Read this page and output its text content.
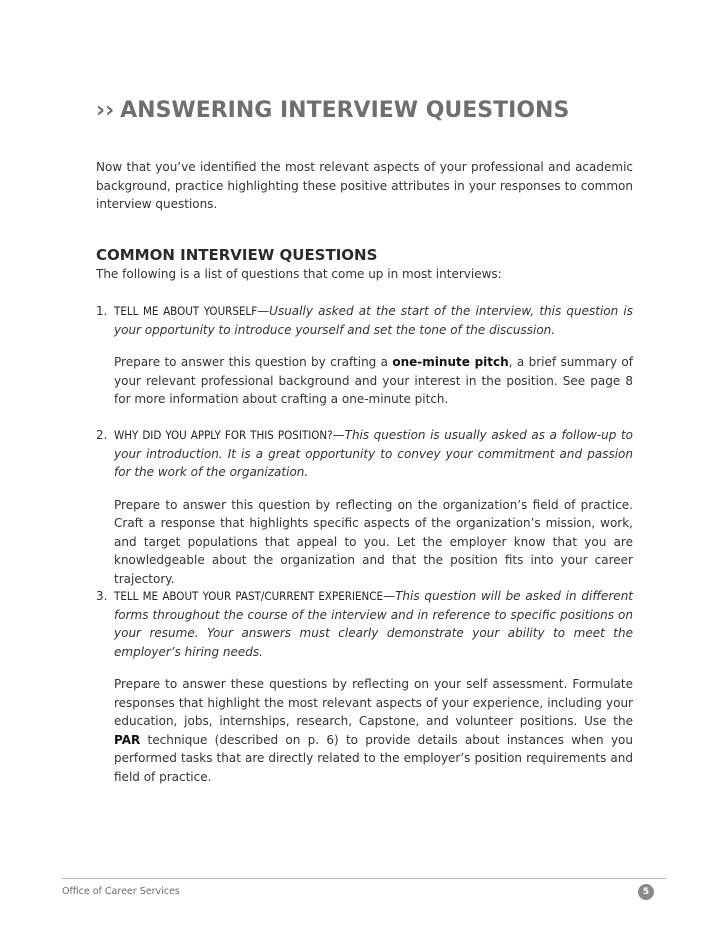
›› ANSWERING INTERVIEW QUESTIONS

Now that you’ve identified the most relevant aspects of your professional and academic background, practice highlighting these positive attributes in your responses to common interview questions.

COMMON INTERVIEW QUESTIONS

The following is a list of questions that come up in most interviews:

1. TELL ME ABOUT YOURSELF—Usually asked at the start of the interview, this question is your opportunity to introduce yourself and set the tone of the discussion.

Prepare to answer this question by crafting a one-minute pitch, a brief summary of your relevant professional background and your interest in the position. See page 8 for more information about crafting a one-minute pitch.

2. WHY DID YOU APPLY FOR THIS POSITION?—This question is usually asked as a follow-up to your introduction. It is a great opportunity to convey your commitment and passion for the work of the organization.

Prepare to answer this question by reflecting on the organization’s field of practice. Craft a response that highlights specific aspects of the organization’s mission, work, and target populations that appeal to you. Let the employer know that you are knowledgeable about the organization and that the position fits into your career trajectory.

3. TELL ME ABOUT YOUR PAST/CURRENT EXPERIENCE—This question will be asked in different forms throughout the course of the interview and in reference to specific positions on your resume. Your answers must clearly demonstrate your ability to meet the employer’s hiring needs.

Prepare to answer these questions by reflecting on your self assessment. Formulate responses that highlight the most relevant aspects of your experience, including your education, jobs, internships, research, Capstone, and volunteer positions. Use the PAR technique (described on p. 6) to provide details about instances when you performed tasks that are directly related to the employer’s position requirements and field of practice.

Office of Career Services	5
